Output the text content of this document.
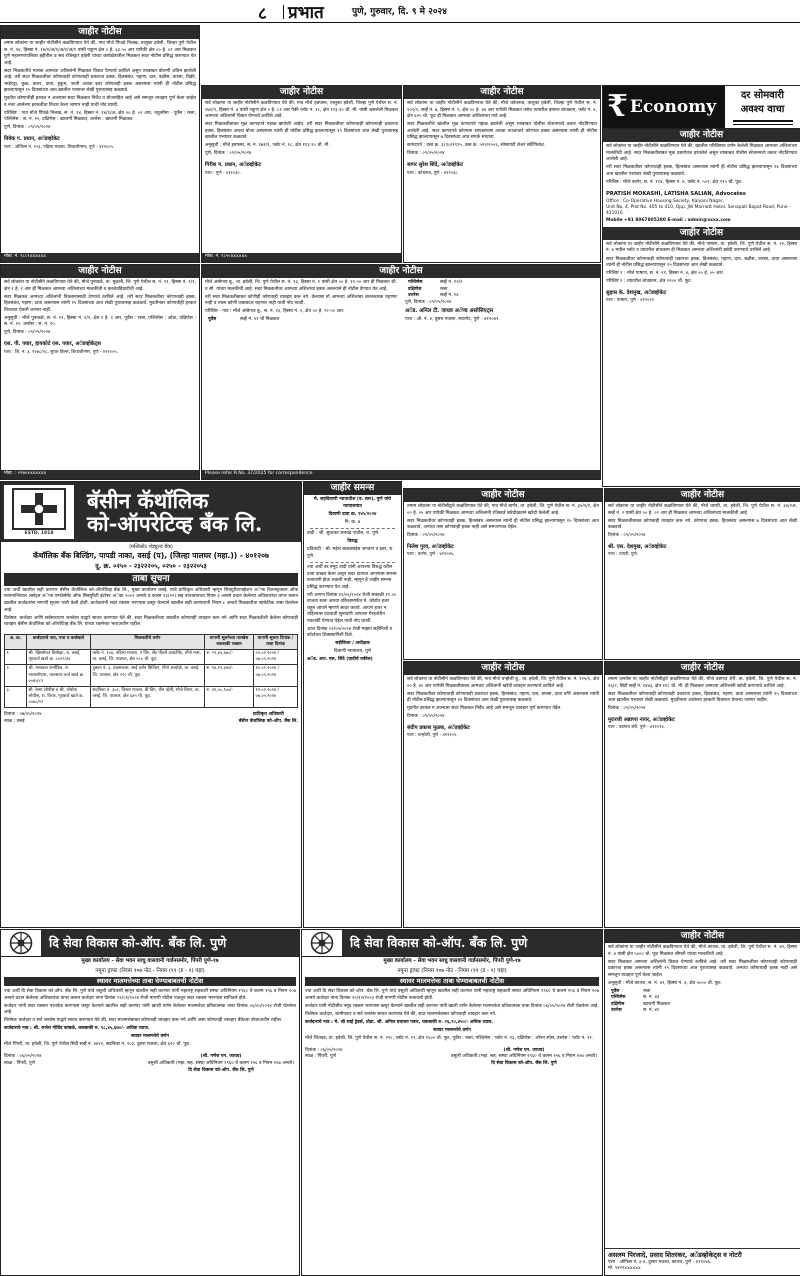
८ प्रभात	पुणे, गुरुवार, दि. ९ मे २०२४
जाहीर नोटीस

तमाम लोकांना या जाहीर नोटीसीने कळविण्यात येते की, गाव मौजे पिंपळे निलख, तालुका हवेली, जिल्हा पुणे येथील स. नं. १४, हिस्सा नं. १४/१/अ/१/अ/१/अ/१ यांसी एकुण क्षेत्र ० हे. ६३.५० आर यापैकी क्षेत्र ०० हे. ०२ आर मिळकत पुणे महानगरपालिका हद्दीतील व सब रजिस्ट्रार हवेली यांच्या कार्यक्षेत्रातील मिळकत सदर नोटीस प्रसिद्ध करण्यात येत आहे.

सदर मिळकतीचे मालक आमच्या अशिलांनी मिळकत विकत घेण्याचे ठरविले असून त्याबाबत बोलणी अंतिम झालेली आहे. तरी सदर मिळकतीवर कोणाचाही कोणत्याही प्रकारचा हक्क, हितसंबंध, गहाण, दान, बक्षीस, वारसा, विक्री, भाडेपट्टा, कुळ, करार, दावा, हुकूम, जप्ती अथवा इतर कोणताही हक्क असल्यास त्यांनी ही नोटीस प्रसिद्ध झाल्यापासून १५ दिवसांच्या आत खालील पत्त्यावर लेखी पुराव्यासह कळवावे.

मुदतीत कोणाचीही हरकत न आल्यास सदर मिळकत निर्वेध व बोजारहित आहे असे समजून व्यवहार पूर्ण केला जाईल व नंतर आलेल्या हरकतींचा विचार केला जाणार नाही याची नोंद घ्यावी.

परिशिष्ट : गाव मौजे पिंपळे निलख, स. नं. १४, हिस्सा नं. १४/१/अ, क्षेत्र ०० हे. ०२ आर, चतुःसीमा - पूर्वेस : रस्ता, पश्चिमेस : स. नं. १५, दक्षिणेस : खाजगी मिळकत, उत्तरेस : खाजगी मिळकत.

पुणे, दिनांक : ०९/०५/२०२४

विवेक ग. प्रधान, अॅडव्होकेट
पत्ता : ऑफिस नं. २०३, पहिला मजला, शिवाजीनगर, पुणे - ४११००५.
मोबा. नं. ९८८१xxxxxx
जाहीर नोटीस

सर्व लोकांना या जाहीर नोटीसीने कळविण्यात येते की, गाव मौजे हडपसर, तालुका हवेली, जिल्हा पुणे येथील स. नं. १७१/१, हिस्सा नं. ४ यांसी एकुण क्षेत्र ० हे. ८१ आर पैकी प्लॉट नं. १८, क्षेत्र ११३.१० चौ. मी. यांसी असलेली मिळकत आमच्या अशिलांनी विकत घेण्याचे ठरविले आहे.

सदर मिळकतीबाबत मूळ कागदपत्रे गहाळ झालेली आहेत. तरी सदर मिळकतीवर कोणाचाही कोणत्याही प्रकारचा हक्क, हितसंबंध अथवा बोजा असल्यास त्यांनी ही नोटीस प्रसिद्ध झाल्यापासून १५ दिवसांच्या आत लेखी पुराव्यासह खालील पत्त्यावर कळवावे.

अनुसूची : मौजे हडपसर, स. नं. १७१/१, प्लॉट नं. १८, क्षेत्र ११३.१० चौ. मी.

पुणे, दिनांक : ०९/०५/२०२४

गिरीश म. प्रधान, अॅडव्होकेट
पत्ता : पुणे - ४११०३०.
मोबा. नं. ९८५०xxxxxx
जाहीर नोटीस

सर्व लोकांना या जाहीर नोटीसीने कळविण्यात येते की, मौजे कोथरूड, तालुका हवेली, जिल्हा पुणे येथील स. नं. १०९/१, सर्व्हे नं. ७, हिस्सा नं. १, क्षेत्र ०० हे. ४४ आर यापैकी मिळकत तसेच त्यावरील इमारत बांधकाम, फ्लॅट नं. ४, क्षेत्र ६१५ चौ. फूट ही मिळकत आमच्या अशिलांच्या नावे आहे.

सदर मिळकतीचे खालील मूळ कागदपत्रे गहाळ झालेली असून त्याबाबत पोलीस स्टेशनमध्ये तक्रार नोंदविण्यात आलेली आहे. सदर कागदपत्रे कोणाला सापडल्यास अथवा त्याआधारे कोणाचा हक्क असल्यास त्यांनी ही नोटीस प्रसिद्ध झाल्यापासून ७ दिवसांच्या आत संपर्क साधावा.

कागदपत्रे : दस्त क्र. ३८९०/१९९५, दस्त क्र. ५१२/२००६, सोसायटी शेअर सर्टिफिकेट.

दिनांक : ०९/०५/२०२४

सागर सुरेश शिंदे, अॅडव्होकेट
पत्ता : कोथरूड, पुणे - ४११०३८.
₹ Economy
दर सोमवारी
अवश्य वाचा
जाहीर नोटीस

सर्व लोकांना या जाहीर नोटीसीने कळविण्यात येते की, खालील परिशिष्टात वर्णन केलेली मिळकत आमच्या अशिलांच्या मालकीची आहे. सदर मिळकतीबाबत मूळ दस्तऐवज हरवलेले असून त्याबाबत पोलीस स्टेशनमध्ये तक्रार नोंदविण्यात आलेली आहे.

तरी सदर मिळकतीवर कोणाचाही हक्क, हितसंबंध असल्यास त्यांनी ही नोटीस प्रसिद्ध झाल्यापासून १४ दिवसांच्या आत खालील पत्त्यावर लेखी पुराव्यासह कळवावे.

परिशिष्ट : मौजे बाणेर, स. नं. ११४, हिस्सा नं. ४, फ्लॅट नं. ५०२, क्षेत्र ९१५ चौ. फूट.

PRATISH MOKASHI, LATISHA SALIAN, Advocates
Office : Co-Operative Housing Society, Kalyani Nagar,
Unit No. 4, Plot No. 405 to 410, Opp. JW Marriott Hotel, Senapati Bapat Road, Pune - 411016
Mobile +91 8067805280 E-mail : admin@xxxx.com
जाहीर नोटीस

सर्व लोकांना या जाहीर नोटीसीने कळविण्यात येते की, मौजे पाषाण, ता. हवेली, जि. पुणे येथील स. नं. २१, हिस्सा नं. ४ मधील प्लॉट व त्यावरील बांधकाम ही मिळकत आमच्या अशिलांनी खरेदी करण्याचे ठरविले आहे.

सदर मिळकतीवर कोणाचाही कोणत्याही प्रकारचा हक्क, हितसंबंध, गहाण, दान, बक्षीस, वारसा, दावा असल्यास त्यांनी ही नोटीस प्रसिद्ध झाल्यापासून १५ दिवसांच्या आत लेखी कळवावे.

परिशिष्ट १ : मौजे पाषाण, स. नं. २१, हिस्सा नं. ४, क्षेत्र ०० हे. ०५ आर.

परिशिष्ट २ : त्यावरील बांधकाम, क्षेत्र १२०० चौ. फूट.

सुहास के. देशमुख, अॅडव्होकेट
पत्ता : पाषाण, पुणे - ४११०२१.
जाहीर नोटीस

सर्व लोकांना या नोटीसीने कळविण्यात येते की, मौजे पुनावळे, ता. मुळशी, जि. पुणे येथील स. नं. ११, हिस्सा नं. १/१, क्षेत्र १ हे. १ आर ही मिळकत आमच्या अशिलांच्या मालकीची व कब्जेवहिवाटीची आहे.

सदर मिळकत आमच्या अशिलांनी विकसनासाठी देण्याचे ठरविले आहे. तरी सदर मिळकतीवर कोणाचाही हक्क, हितसंबंध, गहाण, दावा असल्यास त्यांनी १५ दिवसांच्या आत लेखी पुराव्यासह कळवावे. मुदतीनंतर कोणाचीही हरकत विचारात घेतली जाणार नाही.

अनुसूची : मौजे पुनावळे, स. नं. ११, हिस्सा नं. १/१, क्षेत्र १ हे. १ आर, पूर्वेस : रस्ता, पश्चिमेस : ओढा, दक्षिणेस : स. नं. १२, उत्तरेस : स. नं. १०.

पुणे, दिनांक : ०९/०५/२०२४

एस. पी. पवार, हायकोर्ट एस. पवार, अॅडव्होकेट्स
पत्ता : शि. न. ३, १२७८/२८, सुयश हिल्स, शिवाजीनगर, पुणे - ४११००५.
मोबा. : ०९७०xxxxxxx
जाहीर नोटीस

मौजे आंबेगाव बु., ता. हवेली, जि. पुणे येथील स. नं. १३, हिस्सा नं. १ यांसी क्षेत्र ०० हे. १२.५० आर ही मिळकत श्री. व सौ. यांच्या मालकीची आहे. सदर मिळकतीवर आमच्या अशिलांचा हक्क असल्याने ही नोटीस देण्यात येत आहे.

तरी सदर मिळकतीबाबत कोणीही कोणताही व्यवहार करू नये. केल्यास तो आमच्या अशिलांवर बंधनकारक राहणार नाही व त्यास कोणी जबाबदार राहणार नाही याची नोंद घ्यावी.

परिशिष्ट - गाव : मौजे आंबेगाव बु., स. नं. १३, हिस्सा नं. १, क्षेत्र ०० हे. १२.५० आर.

पूर्वेस	सर्व्हे नं. ५१ ची मिळकत
पश्चिमेस	सर्व्हे नं. १२/२
दक्षिणेस	रस्ता
उत्तरेस	सर्व्हे नं. १४

पुणे, दिनांक : ०९/०५/२०२४

अॅड. अनिल टी. जाधव अॅण्ड असोसिएट्स

पत्ता : ऑ. नं. ४, दुसरा मजला, स्वारगेट, पुणे - ४११०४२.

Please refer R.No. 37/2025 for correspondence
ESTD. 1918
बॅसीन कॅथॉलिक
को-ऑपरेटिव्ह बँक लि.
(मल्टिस्टेट शेड्युल्ड बँक)
कॅथॉलिक बँक बिल्डिंग, पापडी नाका, वसई (प), (जिल्हा पालघर (महा.)) - ४०१२०७
दू. क्र. ०२५० - २३२२२०५, ०२५० - २३२२०५३
ताबा सूचना

ज्या अर्थी खालील सही करणार बॅसीन कॅथॉलिक को-ऑपरेटिव्ह बँक लि., मुख्य कार्यालय वसई, यांचे प्राधिकृत अधिकारी म्हणून सिक्युरिटायझेशन अॅण्ड रिकन्स्ट्रक्शन ऑफ फायनान्शियल असेट्स अॅण्ड एन्फोर्समेंट ऑफ सिक्युरिटी इंटरेस्ट अॅक्ट २००२ अन्वये व कलम १३(१२) सह वाचावयाच्या नियम ३ अन्वये प्रदान केलेल्या अधिकारांचा वापर करून खालील कर्जदारांना मागणी सूचना जारी केली होती. कर्जदारांनी सदर रक्कम भरण्यास कसूर केल्याने खालील सही करणारांनी नियम ८ अन्वये मिळकतीचा सांकेतिक ताबा घेतलेला आहे.

विशेषत: कर्जदार आणि सर्वसाधारण जनतेला याद्वारे सावध करण्यात येते की, सदर मिळकतीच्या बाबतीत कोणताही व्यवहार करू नये आणि सदर मिळकतीशी केलेला कोणताही व्यवहार बॅसीन कॅथॉलिक को-ऑपरेटिव्ह बँक लि. यांच्या रकमेच्या भाराअधीन राहील.

अ. क्र.	कर्जदाराचे नाव, पत्ता व कर्जखाते	मिळकतीचे वर्णन	मागणी सूचनेच्या तारखेस थकबाकी रक्कम	मागणी सूचना दिनांक / ताबा दिनांक
१.	श्री. ख्रिस्तोफर डिसोझा, रा. वसई, गृहकर्ज खाते क्र. ००१२/३४	फ्लॅट नं. १०४, पहिला मजला, ए विंग, सेंट पीटर्स अपार्टमेंट, मौजे गास, ता. वसई, जि. पालघर, क्षेत्र ५८० चौ. फूट.	रु. २२,४५,६७८/-	०५.०२.२०२४ / ०७.०५.२०२४
२.	श्री. मायकल फर्नांडिस, रा. नालासोपारा, व्यवसाय कर्ज खाते क्र. ००४५/८९	दुकान नं. ३, तळमजला, साई दर्शन बिल्डिंग, मौजे आचोळे, ता. वसई, जि. पालघर, क्षेत्र २२० चौ. फूट.	रु. १४,१२,३४०/-	१०.०२.२०२४ / ०७.०५.२०२४
३.	सौ. रेश्मा लोपीस व श्री. जोसेफ लोपीस, रा. विरार, गृहकर्ज खाते क्र. ००७८/१२	सदनिका नं. ३०२, तिसरा मजला, बी विंग, ग्रीन व्हॅली, मौजे विरार, ता. वसई, जि. पालघर, क्षेत्र ६४५ चौ. फूट.	रु. ३१,०८,९००/-	१२.०२.२०२४ / ०७.०५.२०२४
दिनांक : ०७/०५/२०२४
स्थळ : वसई
प्राधिकृत अधिकारी
बॅसीन कॅथॉलिक को-ऑप. बँक लि.
जाहीर समन्स

मे. सहदिवाणी न्यायाधीश (व. स्तर), पुणे यांचे न्यायालयात

दिवाणी दावा क्र. १४५/२०२४

नि. क्र. ७

वादी : श्री. सुधाकर रामचंद्र पाटील, रा. पुणे.

विरुद्ध

प्रतिवादी : श्री. महेश बाळासाहेब जगताप व इतर, रा. पुणे.

ज्या अर्थी वर नमूद वादी यांनी आपल्या विरुद्ध वरील दावा दाखल केला असून सदर दाव्यात आपणास समन्स बजावणी होऊ शकली नाही, म्हणून हे जाहीर समन्स प्रसिद्ध करण्यात येत आहे.

तरी आपण दिनांक १२/०६/२०२४ रोजी सकाळी ११.०० वाजता स्वतः अथवा वकिलामार्फत मे. कोर्टात हजर राहून आपले म्हणणे सादर करावे. आपण हजर न राहिल्यास दाव्याची सुनावणी आपल्या गैरहजेरीत एकतर्फी घेण्यात येईल याची नोंद घ्यावी.

आज दिनांक ०२/०५/२०२४ रोजी माझ्या सहीनिशी व कोर्टाच्या शिक्क्यानिशी दिले.

सहीकिता / अधीक्षक

दिवाणी न्यायालय, पुणे

अॅड. आर. एस. शिंदे (वादीचे वकील)

जाहीर नोटीस

तमाम लोकांना या नोटीसीद्वारे कळविण्यात येते की, गाव मौजे बाणेर, ता. हवेली, जि. पुणे येथील स. नं. ३५/१/१, क्षेत्र ०० हे. ०५ आर यापैकी मिळकत आमच्या अशिलांनी रजिस्टर्ड खरेदीखताने खरेदी केलेली आहे.

सदर मिळकतीवर कोणाचाही हक्क, हितसंबंध असल्यास त्यांनी ही नोटीस प्रसिद्ध झाल्यापासून १५ दिवसांच्या आत कळवावे, अन्यथा तसा कोणताही हक्क नाही असे समजण्यात येईल.

दिनांक : ०९/०५/२०२४

निलेश गुरव, अॅडव्होकेट
पत्ता : बाणेर, पुणे - ४११०४५.
जाहीर नोटीस

सर्व लोकांना या नोटीसीने कळविण्यात येते की, गाव मौजे चऱ्होली बु., ता. हवेली, जि. पुणे येथील स. नं. १२५/१, क्षेत्र ०० हे. ४० आर यापैकी मिळकतीबाबत आमच्या अशिलांनी खरेदी व्यवहार करण्याचे ठरविले आहे.

सदर मिळकतीवर कोणाचाही कोणत्याही प्रकारचा हक्क, हितसंबंध, गहाण, दान, वारसा, दावा वगैरे असल्यास त्यांनी ही नोटीस प्रसिद्ध झाल्यापासून १४ दिवसांच्या आत लेखी पुराव्यासह कळवावे.

मुदतीत हरकत न आल्यास सदर मिळकत निर्वेध आहे असे समजून व्यवहार पूर्ण करण्यात येईल.

दिनांक : ०९/०५/२०२४

संदीप प्रकाश मुळक, अॅडव्होकेट
पत्ता : चऱ्होली, पुणे - ४१२१०५.
जाहीर नोटीस

सर्व लोकांना या जाहीर नोटीसीने कळविण्यात येते की, मौजे धायरी, ता. हवेली, जि. पुणे येथील स. नं. ३४/२अ, सर्व्हे नं. २ यासी क्षेत्र ०० हे. ०२ आर ही मिळकत आमच्या अशिलांच्या मालकीची आहे.

सदर मिळकतीबाबत कोणताही व्यवहार करू नये. कोणाचा हक्क, हितसंबंध असल्यास ७ दिवसांच्या आत लेखी कळवावे.

दिनांक : ०९/०५/२०२४

श्री. एस. देशमुख, अॅडव्होकेट
पत्ता : धायरी, पुणे.
जाहीर नोटीस

तमाम जनतेस या जाहीर नोटीसीद्वारे कळविण्यात येते की, मौजे वडगाव शेरी, ता. हवेली, जि. पुणे येथील स. नं. २६/२, सिटी सर्व्हे नं. १४४३, क्षेत्र ११८ चौ. मी. ही मिळकत आमच्या अशिलांनी खरेदी करण्याचे ठरविले आहे.

सदर मिळकतीवर कोणाचाही कोणत्याही प्रकारचा हक्क, हितसंबंध, गहाण, दावा असल्यास त्यांनी १५ दिवसांच्या आत खालील पत्त्यावर लेखी कळवावे. मुदतीनंतर आलेल्या हरकती विचारात घेतल्या जाणार नाहीत.

दिनांक : ०९/०५/२०२४

मुरारजी अन्नाप्पा नायर, अॅडव्होकेट
पत्ता : वडगाव शेरी, पुणे - ४११०१४.
दि सेवा विकास को-ऑप. बँक लि. पुणे
मुख्य कार्यालय - सेवा भवन साधु वासवानी गार्डनसमोर, पिंपरी पुणे-१७
नमुना ड्राफ्ट (नियम १०७ नोट - नियम (११ (ड - १) पहा)
स्थावर मालमत्तेच्या ताबा घेण्याबाबतची नोटीस

ज्या अर्थी दि सेवा विकास को-ऑप. बँक लि. पुणे यांचे वसुली अधिकारी म्हणून खालील सही करणार यांनी महाराष्ट्र सहकारी संस्था अधिनियम १९६० चे कलम १५६ व नियम १०७ अन्वये प्रदान केलेल्या अधिकारांचा वापर करून कर्जदार यांना दिनांक १२/०१/२०२४ रोजी मागणी नोटीस पाठवून सदर रक्कम भरण्यास सांगितले होते.

कर्जदार यांनी सदर रक्कम परतफेड करण्यास कसूर केल्याने खालील सही करणार यांनी खाली वर्णन केलेल्या मालमत्तेचा प्रतिकात्मक ताबा दिनांक ०६/०५/२०२४ रोजी घेतलेला आहे.

विशेषतः कर्जदार व सर्व जनतेस याद्वारे सावध करण्यात येते की, सदर मालमत्तेबाबत कोणताही व्यवहार करू नये आणि असा कोणताही व्यवहार बँकेच्या बोजाअधीन राहील.

कर्जदाराचे नाव : श्री. राजेश गोविंद कांबळे, थकबाकी रु. १८,४५,६७०/- अधिक व्याज.

स्थावर मालमत्तेचे वर्णन

मौजे पिंपरी, ता. हवेली, जि. पुणे येथील सिटी सर्व्हे नं. ४४१२, सदनिका नं. २०३, दुसरा मजला, क्षेत्र ६२० चौ. फूट.

दिनांक : ०६/०५/२०२४
स्थळ : पिंपरी, पुणे
(श्री. गणेश एन. जाधव)
वसुली अधिकारी (महा. सह. संस्था अधिनियम १९६० चे कलम १५६ व नियम १०७ अन्वये)
दि सेवा विकास को-ऑप. बँक लि. पुणे
दि सेवा विकास को-ऑप. बँक लि. पुणे
मुख्य कार्यालय - सेवा भवन साधु वासवानी गार्डनसमोर, पिंपरी पुणे-१७
नमुना ड्राफ्ट (नियम १०७ नोट - नियम (११ (ड - १) पहा)
स्थावर मालमत्तेचा ताबा घेण्याबाबतची नोटीस

ज्या अर्थी दि सेवा विकास को-ऑप. बँक लि. पुणे यांचे वसुली अधिकारी म्हणून खालील सही करणार यांनी महाराष्ट्र सहकारी संस्था अधिनियम १९६० चे कलम १५६ व नियम १०७ अन्वये कर्जदार यांना दिनांक २०/१२/२०२३ रोजी मागणी नोटीस बजावली होती.

कर्जदार यांनी नोटीसीत नमूद रक्कम भरण्यास कसूर केल्याने खालील सही करणार यांनी खाली वर्णन केलेल्या मालमत्तेचा प्रतिकात्मक ताबा दिनांक ०६/०५/२०२४ रोजी घेतलेला आहे.

विशेषतः कर्जदार, जामीनदार व सर्व जनतेस सावध करण्यात येते की, सदर मालमत्तेबाबत कोणताही व्यवहार करू नये.

कर्जदाराचे नाव : मे. श्री साई ट्रेडर्स, प्रोप्रा. श्री. अनिल दत्तात्रय पवार, थकबाकी रु. २६,९०,४५०/- अधिक व्याज.

स्थावर मालमत्तेचे वर्णन

मौजे चिंचवड, ता. हवेली, जि. पुणे येथील स. नं. २१८, प्लॉट नं. १२, क्षेत्र १५०० चौ. फूट, पूर्वेस : रस्ता, पश्चिमेस : प्लॉट नं. १३, दक्षिणेस : ओपन स्पेस, उत्तरेस : प्लॉट नं. ११.

दिनांक : ०६/०५/२०२४
स्थळ : पिंपरी, पुणे
(श्री. गणेश एन. जाधव)
वसुली अधिकारी (महा. सह. संस्था अधिनियम १९६० चे कलम १५६ व नियम १०७ अन्वये)
दि सेवा विकास को-ऑप. बँक लि. पुणे
जाहीर नोटीस

सर्व लोकांना या जाहीर नोटीसीने कळविण्यात येते की, मौजे कात्रज, ता. हवेली, जि. पुणे येथील स. नं. ४२, हिस्सा नं. ४ यांसी क्षेत्र ५००० चौ. फूट मिळकत श्रीमती यांच्या मालकीची आहे.

सदर मिळकत आमच्या अशिलांनी विकत घेण्याचे ठरविले आहे. तरी सदर मिळकतीवर कोणाचाही कोणत्याही प्रकारचा हक्क असल्यास त्यांनी १५ दिवसांच्या आत पुराव्यासह कळवावे. अन्यथा कोणाचाही हक्क नाही असे समजून व्यवहार पूर्ण केला जाईल.

अनुसूची : मौजे कात्रज, स. नं. ४२, हिस्सा नं. ४, क्षेत्र ५००० चौ. फूट.

पूर्वेस	रस्ता
पश्चिमेस	स. नं. ४३
दक्षिणेस	खाजगी मिळकत
उत्तरेस	स. नं. ४१
असलम पिरजादे, प्रसाद शितरकर, अॅडव्होकेट्स व नोटरी
पत्ता : ऑफिस नं. ३-४, दुसरा मजला, कात्रज, पुणे - ४११०४६.
मो. ९४२२xxxxxx
